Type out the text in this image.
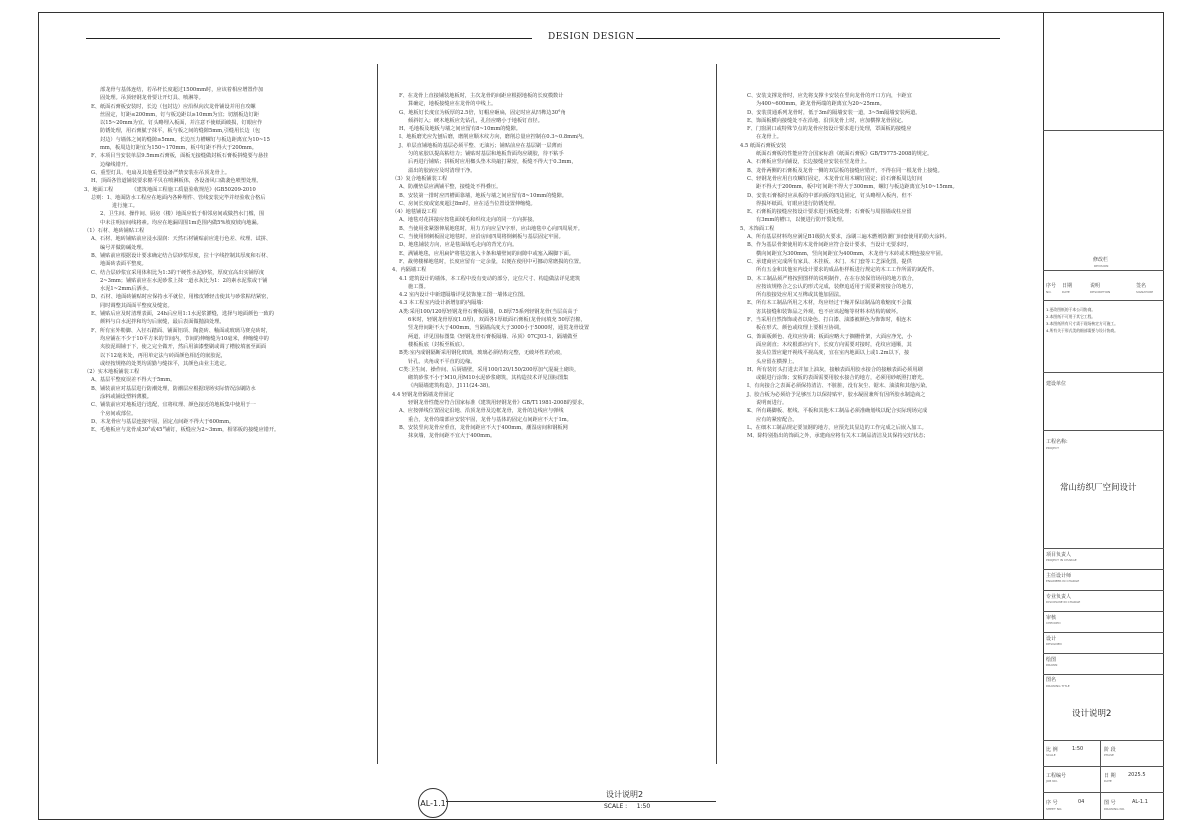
DESIGN DESIGN

部龙骨与基体连结，若吊杆长度超过1500mm时，应该着相应增置作加

固处理。吊顶轻钢龙骨要让开灯具、喷淋等。

E、纸面石膏板安装时，长边（包封边）应沿纵向次龙骨铺设并用自攻螺

丝固定，钉距≤200mm，钉与板边距以≥10mm为宜；切割板边钉距

以15~20mm为宜，钉头略埋入板面，并注意不使纸面破损，钉眼应作

防锈处理，用石膏腻子抹平，板与板之间的缝隙5mm,引缝用长边（包

封边）与墙体之间的缝隙≥5mm。长边压力槽螺钉与板边距离宜为10~15

mm，板周边钉距宜为150~170mm，板中钉距不得大于200mm。

F、本项目当安装单层9.5mm石膏板，面板无接缝做封板石膏板拼缝要与悬挂

边缘线错开。

G、重型灯具、电扇及其他重型设备严禁安装在吊顶龙骨上。

H、顶面各管道铺装要求棉平贝在喷淋板体，各设备风口做袭色喷塑处理。

3、地面工程　　　　《建筑地面工程施工质量验收规范》(GB50209-2010

总则：1、地面防水工程应在地面内各种埋件、管线安装完毕并经验收合格后

进行施工。

2、卫生间、操作间、厨房（楼）地面应低于相邻房间或做挡水门槛，围

中未注明房间线将素。均应在地漏周围1m范围内做5%坡度坡向地漏。

（1）石材、地砖铺贴工程

A、石材、地砖铺贴前应浸水湿润：天然石材铺贴前应进行色差、纹理、试拼、

编号并做防碱处理。

B、铺贴前应根据设计要求确定结合层砂浆厚度，拉十字线控制其厚度和石材、

地面砖表面平整度。

C、结合层砂浆宜采用体积比为1:3的干硬性水泥砂浆，厚度宜高出实铺厚度

2~3mm；铺贴前应在水泥砂浆上抹一道水灰比为1：2的素水泥浆或干铺

水泥1~2mm后洒水。

D、石材、地面砖铺贴时应保持水平就位，用橡皮锤轻击使其与砂浆粘结紧密，

同时调整其面面平整度及缝宽。

E、铺贴后应及时清理表面，24h后应用1:1水泥浆灌缝，选择与地面颜色一致的

颜料与白水泥拌和均匀后嵌缝，最后表面做抛油处理。

F、所有室外勒脚、入径石踏面、铺面铝项、陶瓷砖、釉面或玻璃马赛克砖时，

均应铺在不少于10平方米的节间内，节间的伸缩缝为10毫米，伸缩缝中的

夹胶泥调铺于下，使之完全做开，然后用油漆整刷或调了槽胶填塞至面面

以下12毫米处，再用单定法与砖面颜色相近的嵌胶泥，

或经按规格的处类均需勤与缝抹平，其颜色由业主选定。

（2）实木地板铺装工程

A、基层平整度误差不得大于5mm。

B、铺装前应对基层进行防潮处理，防潮层应根据现场实际情况涂刷防水

涂料或铺设塑料薄膜。

C、铺装前应对地板进行选配，宜将纹理、颜色接近的地板集中使用于一

个房间或部位。

D、木龙骨应与基层连接牢固，固定点间距不得大于600mm。

E、毛地板应与龙骨成30°或45°铺钉，板缝应为2~3mm，相邻板的接缝应错开。

F、在龙骨上直接铺装地板时，主次龙骨的间距应根据地板的长度模数计

算确定，地板接缝应在龙骨的中线上。

G、地板钉长度宜为板厚的2.5倍，钉帽应砸扁，固定时应从凹榫边30°角

倾斜钉入；硬木地板应先钻孔，孔径应略小于地板钉直径。

H、毛地板及地板与墙之间应留有8~10mm的缝隙。

I、地板磨光应先刨后磨，磨削应顺木纹方向，磨削总量应控制在0.3~0.8mm内。

J、单层直铺地板的基层必须平整、无油污；铺贴前应在基层刷一层薄而

匀的底胶以提高粘结力；铺贴时基层和地板背面均应刷胶，待不粘手

后再进行铺贴；拼板时应用榔头垫木块敲打紧密，板缝不得大于0.3mm，

溢出的胶液应及时清理干净。

（3）复合地板铺装工程

A、防潮垫层应满铺平整，接缝处不得叠压。

B、安装第一排时应凹槽面靠墙，地板与墙之间应留有8~10mm的缝隙。

C、房间长度或宽度超过8m时，应在适当位置设置伸缩缝。

（4）地毯铺设工程

A、地毯对花拼接应按毯面绒毛和织纹走向的同一方向拼接。

B、当使用张紧器伸展地毯时，用力方向应呈V字形，应由地毯中心向四周展开。

C、当使用倒刺板固定地毯时，应沿房间四周将倒刺板与基层固定牢固。

D、地毯铺装方向，应是毯面绒毛走向的背光方向。

E、满铺地毯，应用扁铲将毯边塞入卡条和墙壁间的间隙中或塞入踢脚下面。

F、裁剪楼梯地毯时，长度应留有一定余量，以便在使用中可挪动常磨损的位置。

4、内隔墙工程

4.1 建筑设计的墙体，本工程中没有变动的部分，定位尺寸、构造做法详见建筑

施工图。

4.2 室内设计中新建隔墙详见装饰施工图一墙体定位图。

4.3 本工程室内设计新增加的内隔墙：

A类:采用100/120厚轻钢龙骨石膏板隔墙，0.8厚75系列轻钢龙骨(当层高高于

6米时，轻钢龙骨厚度1.0厚)，双面各1厚纸面石膏板(龙骨间填充 50厚岩棉，

竖龙骨间距不大于400mm，当隔墙高度大于3000小于5000时，通贯龙骨设置

两道，详见国标图集《轻钢龙骨石膏板隔墙、吊顶》07CJ03-1，隔墙做至

楼板板底（封板至板底）。

B类:室内成钢隔断采用钢化玻璃，玻璃必须结构完整，无破坏性的伤痕，

针孔、夹角或不平直的边缘。

C类:卫生间、操作间、后厨墙壁，采用100/120/150/200厚加气混凝土砌块，

砌筑砂浆不小于M10,用M10水泥砂浆砌筑，其构造技术详见国标图集

《内隔墙建筑构造》，J111(24-38)。

4.4 轻钢龙骨隔墙龙骨固定

轻钢龙骨性能应符合国家标准《建筑用轻钢龙骨》GB/T11981-2008的要求。

A、应按弹线位置固定沿地、沿顶龙骨及边框龙骨，龙骨的边线应与弹线

重合，龙骨的端部应安装牢固，龙骨与基体的固定点间距应不大于1m。

B、安装竖向龙骨应垂直，龙骨间距应不大于400mm，潮湿房间和钢板网

抹灰墙，龙骨间距不宜大于400mm。

C、安装支撑龙骨时，应先将支撑卡安装在竖向龙骨的开口方向，卡距宜

为400~600mm，距龙骨两端的距离宜为20~25mm。

D、安装贯通系列龙骨时，低于3m的隔墙安装一道，3~5m隔墙安装两道。

E、饰面板横向接缝处不在沿地、沿顶龙骨上时，应加横撑龙骨固定。

F、门窗洞口或特殊节点的龙骨应按设计要求进行处理，罩面板的接缝应

在龙骨上。

4.5 纸面石膏板安装

纸面石膏板的性能应符合国家标准《纸面石膏板》GB/T9775-2008的规定。

A、石膏板应竖向铺设，长边接缝应安装在竖龙骨上。

B、龙骨两侧的石膏板及龙骨一侧的双层板的接缝应错开，不得在同一根龙骨上接缝。

C、轻钢龙骨应用自攻螺钉固定，木龙骨宜用木螺钉固定；沿石膏板周边钉间

距不得大于200mm，板中钉间距不得大于300mm，螺钉与板边距离宜为10~15mm。

D、安装石膏板时应从板的中部向板的四边固定，钉头略埋入板内，但不

得损坏纸面，钉眼应进行防锈处理。

E、石膏板的接缝应按设计要求进行板缝处理；石膏板与周围墙或柱应留

有3mm的槽口，以便进行防开裂处理。

5、木饰面工程

A、所有基层材料均应满足B1级防火要求，涂刷三遍木燃剂防潮门间套使用的防火涂料。

B、作为基层骨架使用的木龙骨间距应符合设计要求，当设计无要求时，

横向间距宜为300mm，竖向间距宜为400mm，木龙骨与木砖或木楔连接应牢固。

C、承建商应完成所有家具、木挂板、木门、木门套等工艺深化图，提供

所有五金和其他室内设计要求的成品柜样板进行规定的木工工作所需的氮配件。

D、木工制品须严格按照图样的说明制作，在在存放保管场用的地方放合，

应按该规格合之公认的形式完成，装修追适用于需要紧密接合的地方，

所有胶接处应用又互榫或其他加固法。

E、所有木工制品所用之木材，均应经过干燥并保证制品的收缩度不会做

害其接缝和装饰品之外观，也不应该起缩等材料本结构的破坏。

F、当采用自然饰饰或者以染色、打白漆、油漆被颜色为饰饰时，相连木

板在形式、颜色或纹理上要相互协调。

G、饰面板颜色、花纹应协调；板面应略大于搁栅骨架，大面应净光，小

面应刮直；木纹根部应向下，长度方向需要对接时，花纹应通顺，其

接头位置应避开视线平视高度，宜在室内地面以上或1.2m以下，接

头应留在横撑上。

H、所有装钉头打进去并加上油灰，接触表面用胶水接合的接触表面必须用刷

或辊进行涂饰；安板的表面需要用胶水接合的地方，必须用砂纸照打磨光。

I、有向接合之表面必须保持清洁、不脏脏，没有灰尘、锯末、油渍和其他污染。

J、胶合板为必须给予足够压力以保持贴牢，胶水凝固兼所有因所胶水制造商之

说明而进行。

K、所有踢脚板、框线、平板和其他木工制品必须准确划线以配合实际现场完成

应有的紧密配合。

L、在细木工制品规定要氢钢的地方，应预先其显边的工作完成之后嵌入加工。

M、除特别指出的饰面之外，承建商应将有关木工制品清洁及其保持完好状态；

AL-1.1
设计说明2
SCALE : 1:50
修改栏
REVISION
序号
NO.
日期
DATE
说明
DESCRIPTION
签名
SIGNATURE
1.更改图纸的于本公司协商。
2.本图纸不可用于其它工程。
3.本图纸所有尺寸需于现场核定方可施工。
4.所有关于形式美的细部需要与设计协商。
建设单位
工程名称:
PROJECT
常山纺织厂空间设计
项目负责人
PROJECT IN CHARGE
主任设计师
ENGINEER IN CHARGE
专业负责人
DISCIPLINE IN CHARGE
审核
CHECKED
设计
DESIGNED
绘图
DRAWN
图名
DRAWING TITLE
设计说明2
比 例
SCALE
1:50	阶 段
PHASE
工程编号
JOB NO.
日 期
DATE
2025.5
序 号
SHEET NO.
04	图 号
DRAWING NO.
AL-1.1
